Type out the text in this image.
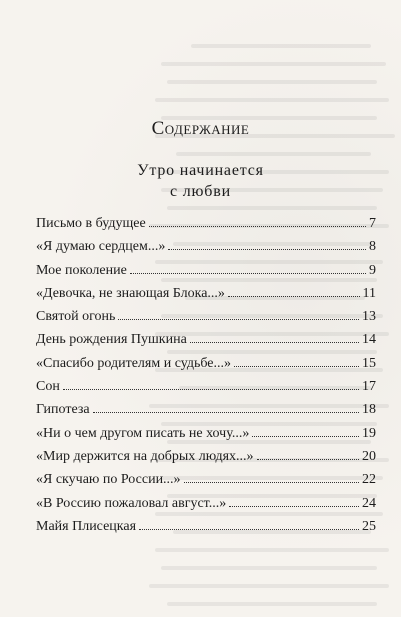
Содержание
Утро начинается
с любви
Письмо в будущее	7
«Я думаю сердцем...»	8
Мое поколение	9
«Девочка, не знающая Блока...»	11
Святой огонь	13
День рождения Пушкина	14
«Спасибо родителям и судьбе...»	15
Сон	17
Гипотеза	18
«Ни о чем другом писать не хочу...»	19
«Мир держится на добрых людях...»	20
«Я скучаю по России...»	22
«В Россию пожаловал август...»	24
Майя Плисецкая	25
